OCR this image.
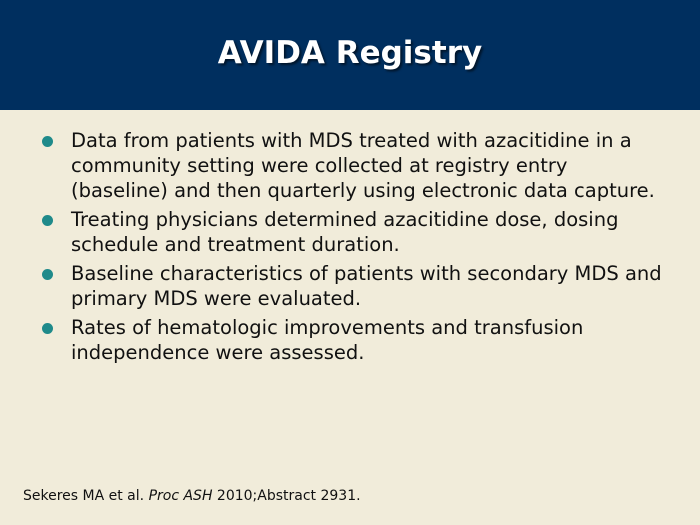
AVIDA Registry
Data from patients with MDS treated with azacitidine in a community setting were collected at registry entry (baseline) and then quarterly using electronic data capture.
Treating physicians determined azacitidine dose, dosing schedule and treatment duration.
Baseline characteristics of patients with secondary MDS and primary MDS were evaluated.
Rates of hematologic improvements and transfusion independence were assessed.
Sekeres MA et al. Proc ASH 2010;Abstract 2931.
